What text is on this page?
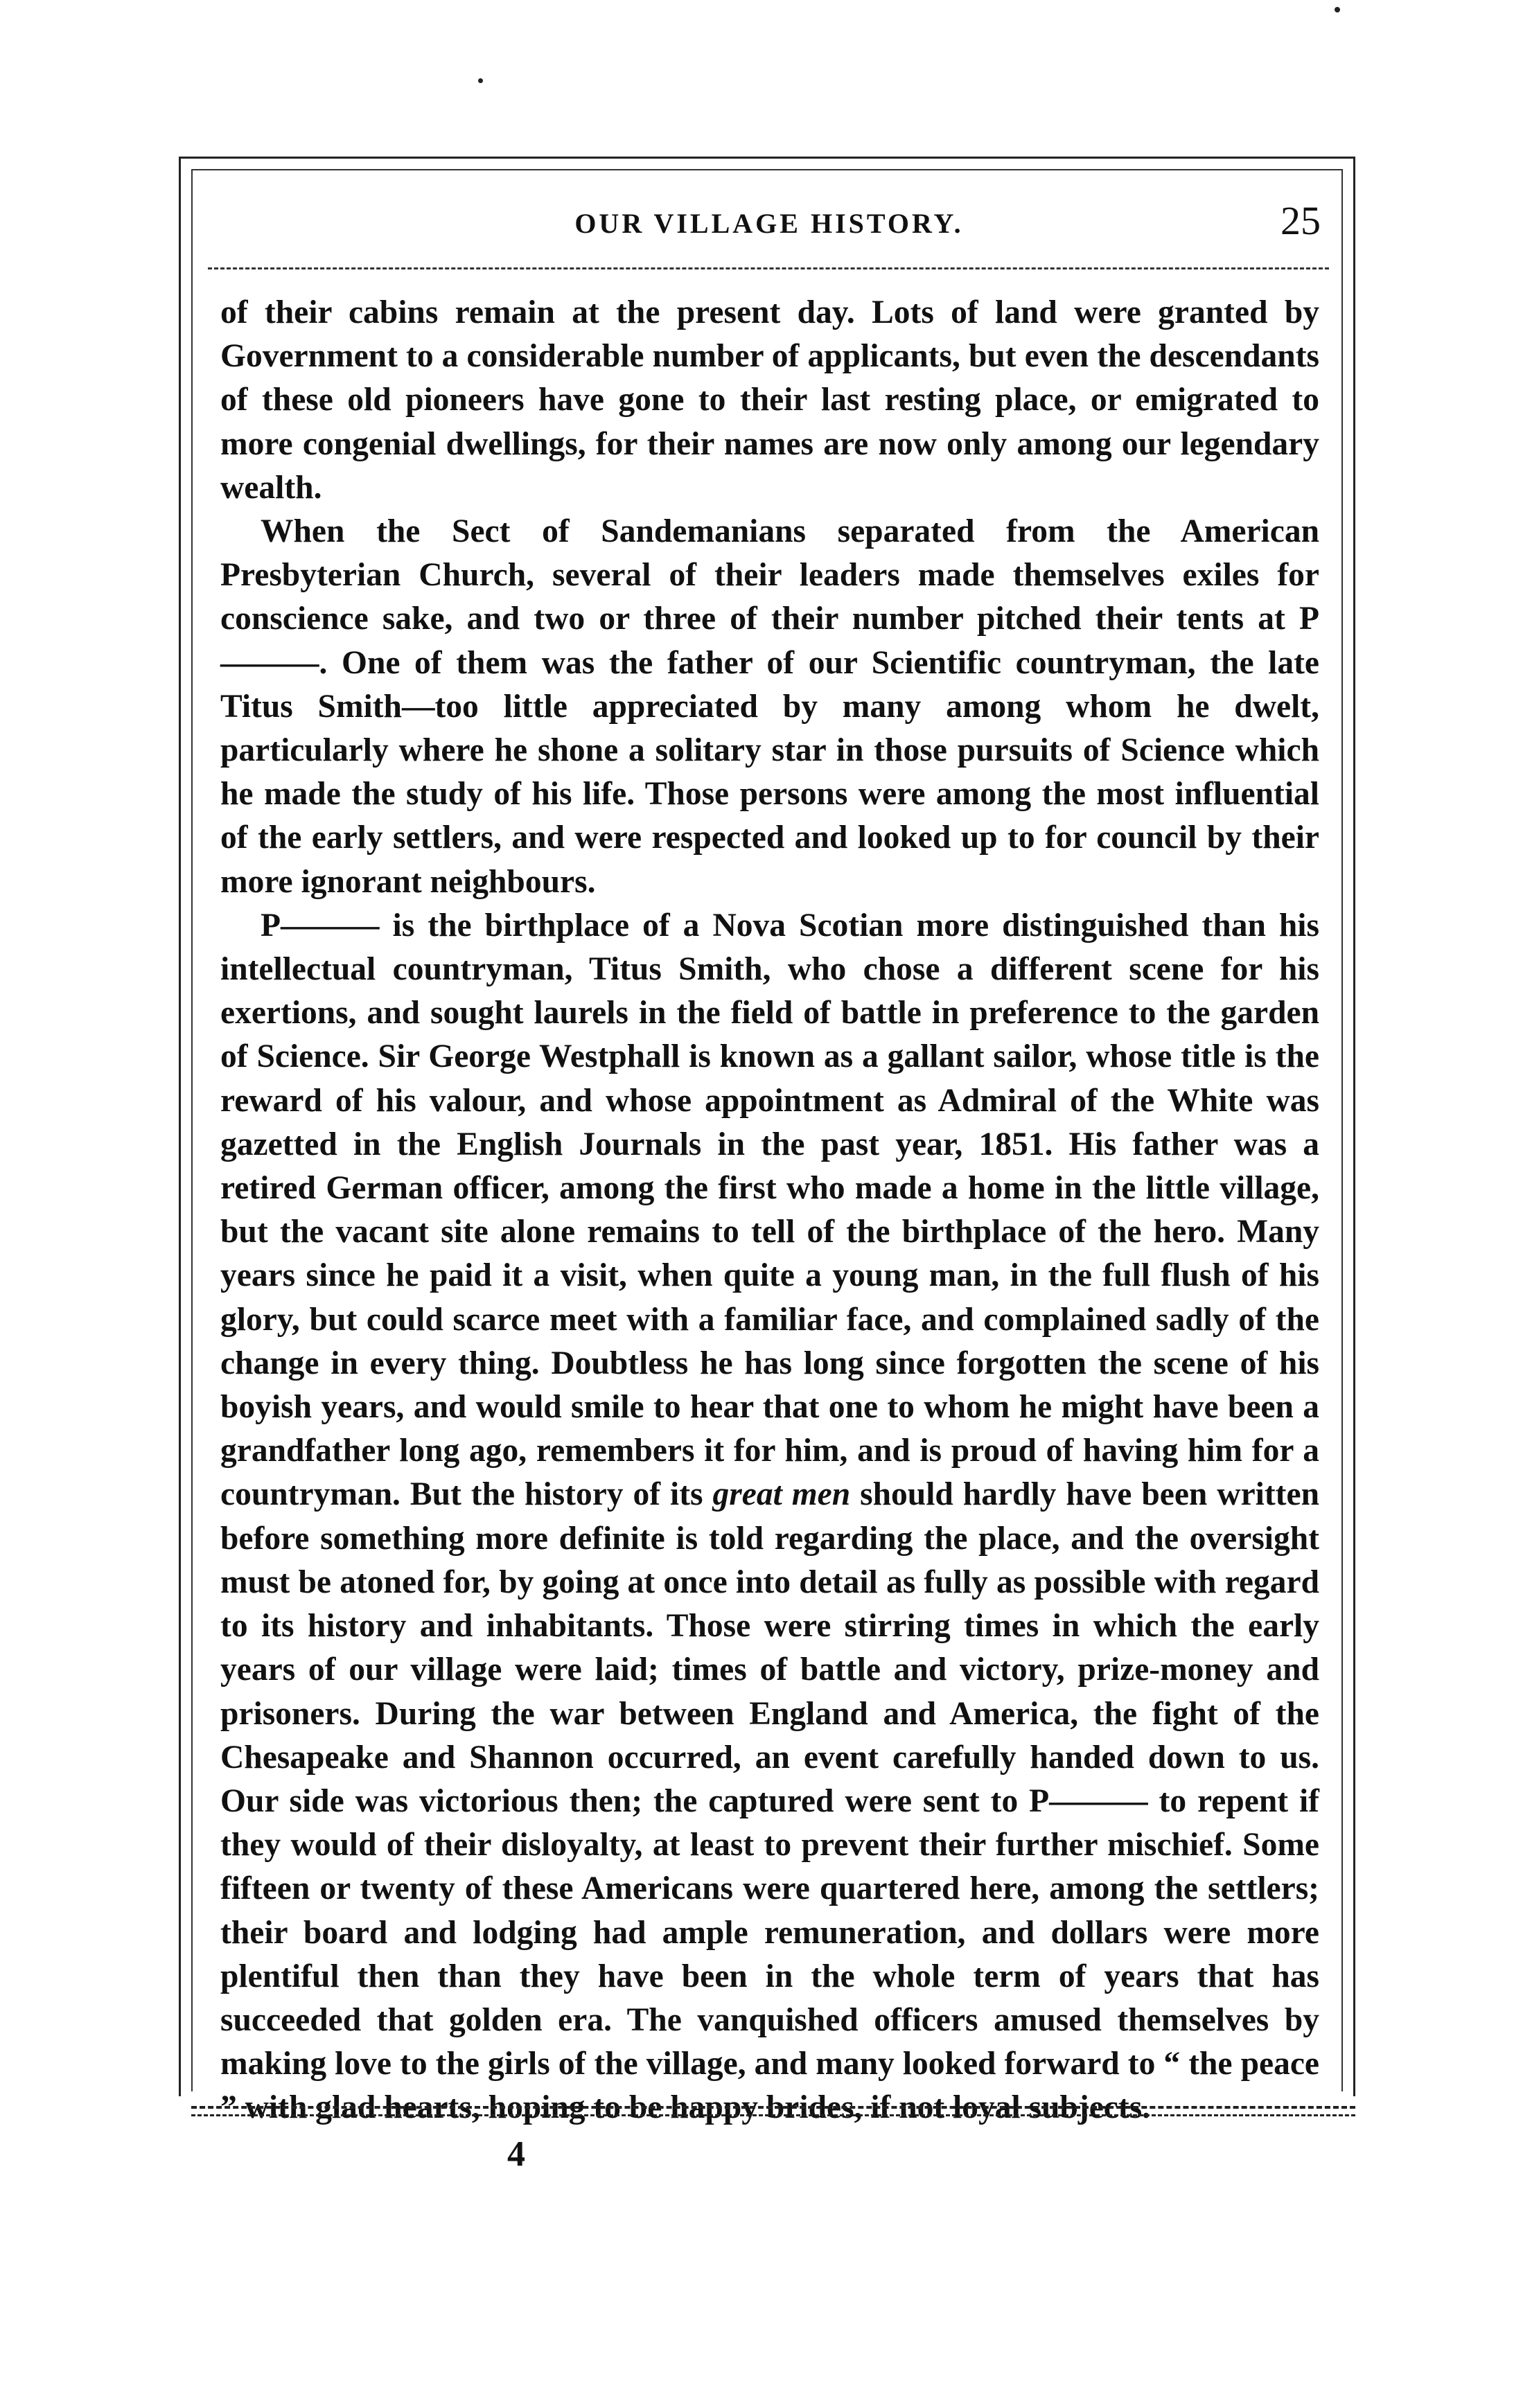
OUR VILLAGE HISTORY.	25

of their cabins remain at the present day. Lots of land were granted by Government to a considerable number of applicants, but even the descendants of these old pioneers have gone to their last resting place, or emigrated to more congenial dwellings, for their names are now only among our legendary wealth.

When the Sect of Sandemanians separated from the American Presbyterian Church, several of their leaders made themselves exiles for conscience sake, and two or three of their number pitched their tents at P———. One of them was the father of our Scientific countryman, the late Titus Smith—too little appreciated by many among whom he dwelt, particularly where he shone a solitary star in those pursuits of Science which he made the study of his life. Those persons were among the most influential of the early settlers, and were respected and looked up to for council by their more ignorant neighbours.

P——— is the birthplace of a Nova Scotian more distinguished than his intellectual countryman, Titus Smith, who chose a different scene for his exertions, and sought laurels in the field of battle in preference to the garden of Science. Sir George Westphall is known as a gallant sailor, whose title is the reward of his valour, and whose appointment as Admiral of the White was gazetted in the English Journals in the past year, 1851. His father was a retired German officer, among the first who made a home in the little village, but the vacant site alone remains to tell of the birthplace of the hero. Many years since he paid it a visit, when quite a young man, in the full flush of his glory, but could scarce meet with a familiar face, and complained sadly of the change in every thing. Doubtless he has long since forgotten the scene of his boyish years, and would smile to hear that one to whom he might have been a grandfather long ago, remembers it for him, and is proud of having him for a countryman. But the history of its great men should hardly have been written before something more definite is told regarding the place, and the oversight must be atoned for, by going at once into detail as fully as possible with regard to its history and inhabitants. Those were stirring times in which the early years of our village were laid; times of battle and victory, prize-money and prisoners. During the war between England and America, the fight of the Chesapeake and Shannon occurred, an event carefully handed down to us. Our side was victorious then; the captured were sent to P——— to repent if they would of their disloyalty, at least to prevent their further mischief. Some fifteen or twenty of these Americans were quartered here, among the settlers; their board and lodging had ample remuneration, and dollars were more plentiful then than they have been in the whole term of years that has succeeded that golden era. The vanquished officers amused themselves by making love to the girls of the village, and many looked forward to “ the peace ” with glad hearts, hoping to be happy brides, if not loyal subjects.

4
